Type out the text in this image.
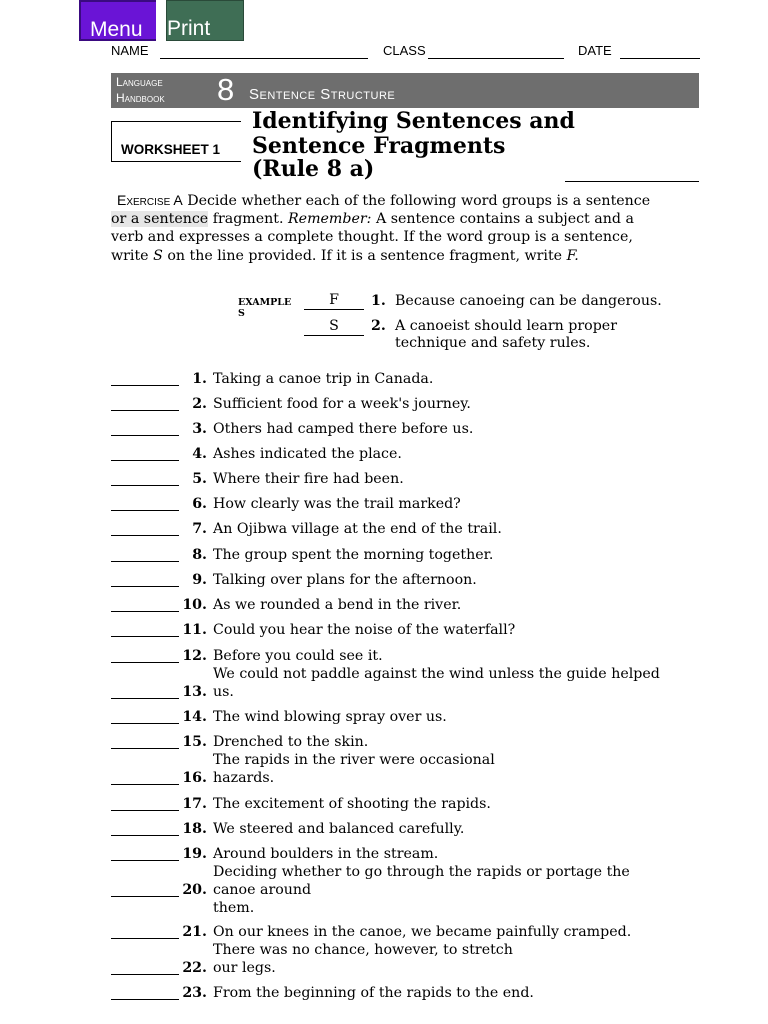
Menu	Print
NAME	CLASS	DATE
Language
Handbook 8 Sentence Structure
WORKSHEET 1
Identifying Sentences and
Sentence Fragments
(Rule 8 a)
Exercise A Decide whether each of the following word groups is a sentence
or a sentence fragment. Remember: A sentence contains a subject and a
verb and expresses a complete thought. If the word group is a sentence,
write S on the line provided. If it is a sentence fragment, write F.
EXAMPLE
S
F	1. Because canoeing can be dangerous.
S	2. A canoeist should learn proper
technique and safety rules.
1. Taking a canoe trip in Canada.
2. Sufficient food for a week's journey.
3. Others had camped there before us.
4. Ashes indicated the place.
5. Where their fire had been.
6. How clearly was the trail marked?
7. An Ojibwa village at the end of the trail.
8. The group spent the morning together.
9. Talking over plans for the afternoon.
10. As we rounded a bend in the river.
11. Could you hear the noise of the waterfall?
12. Before you could see it.
13.
We could not paddle against the wind unless the guide helped
us.
14. The wind blowing spray over us.
15. Drenched to the skin.
16.
The rapids in the river were occasional
hazards.
17. The excitement of shooting the rapids.
18. We steered and balanced carefully.
19. Around boulders in the stream.
20.
Deciding whether to go through the rapids or portage the
canoe around
them.
21. On our knees in the canoe, we became painfully cramped.
22.
There was no chance, however, to stretch
our legs.
23. From the beginning of the rapids to the end.
